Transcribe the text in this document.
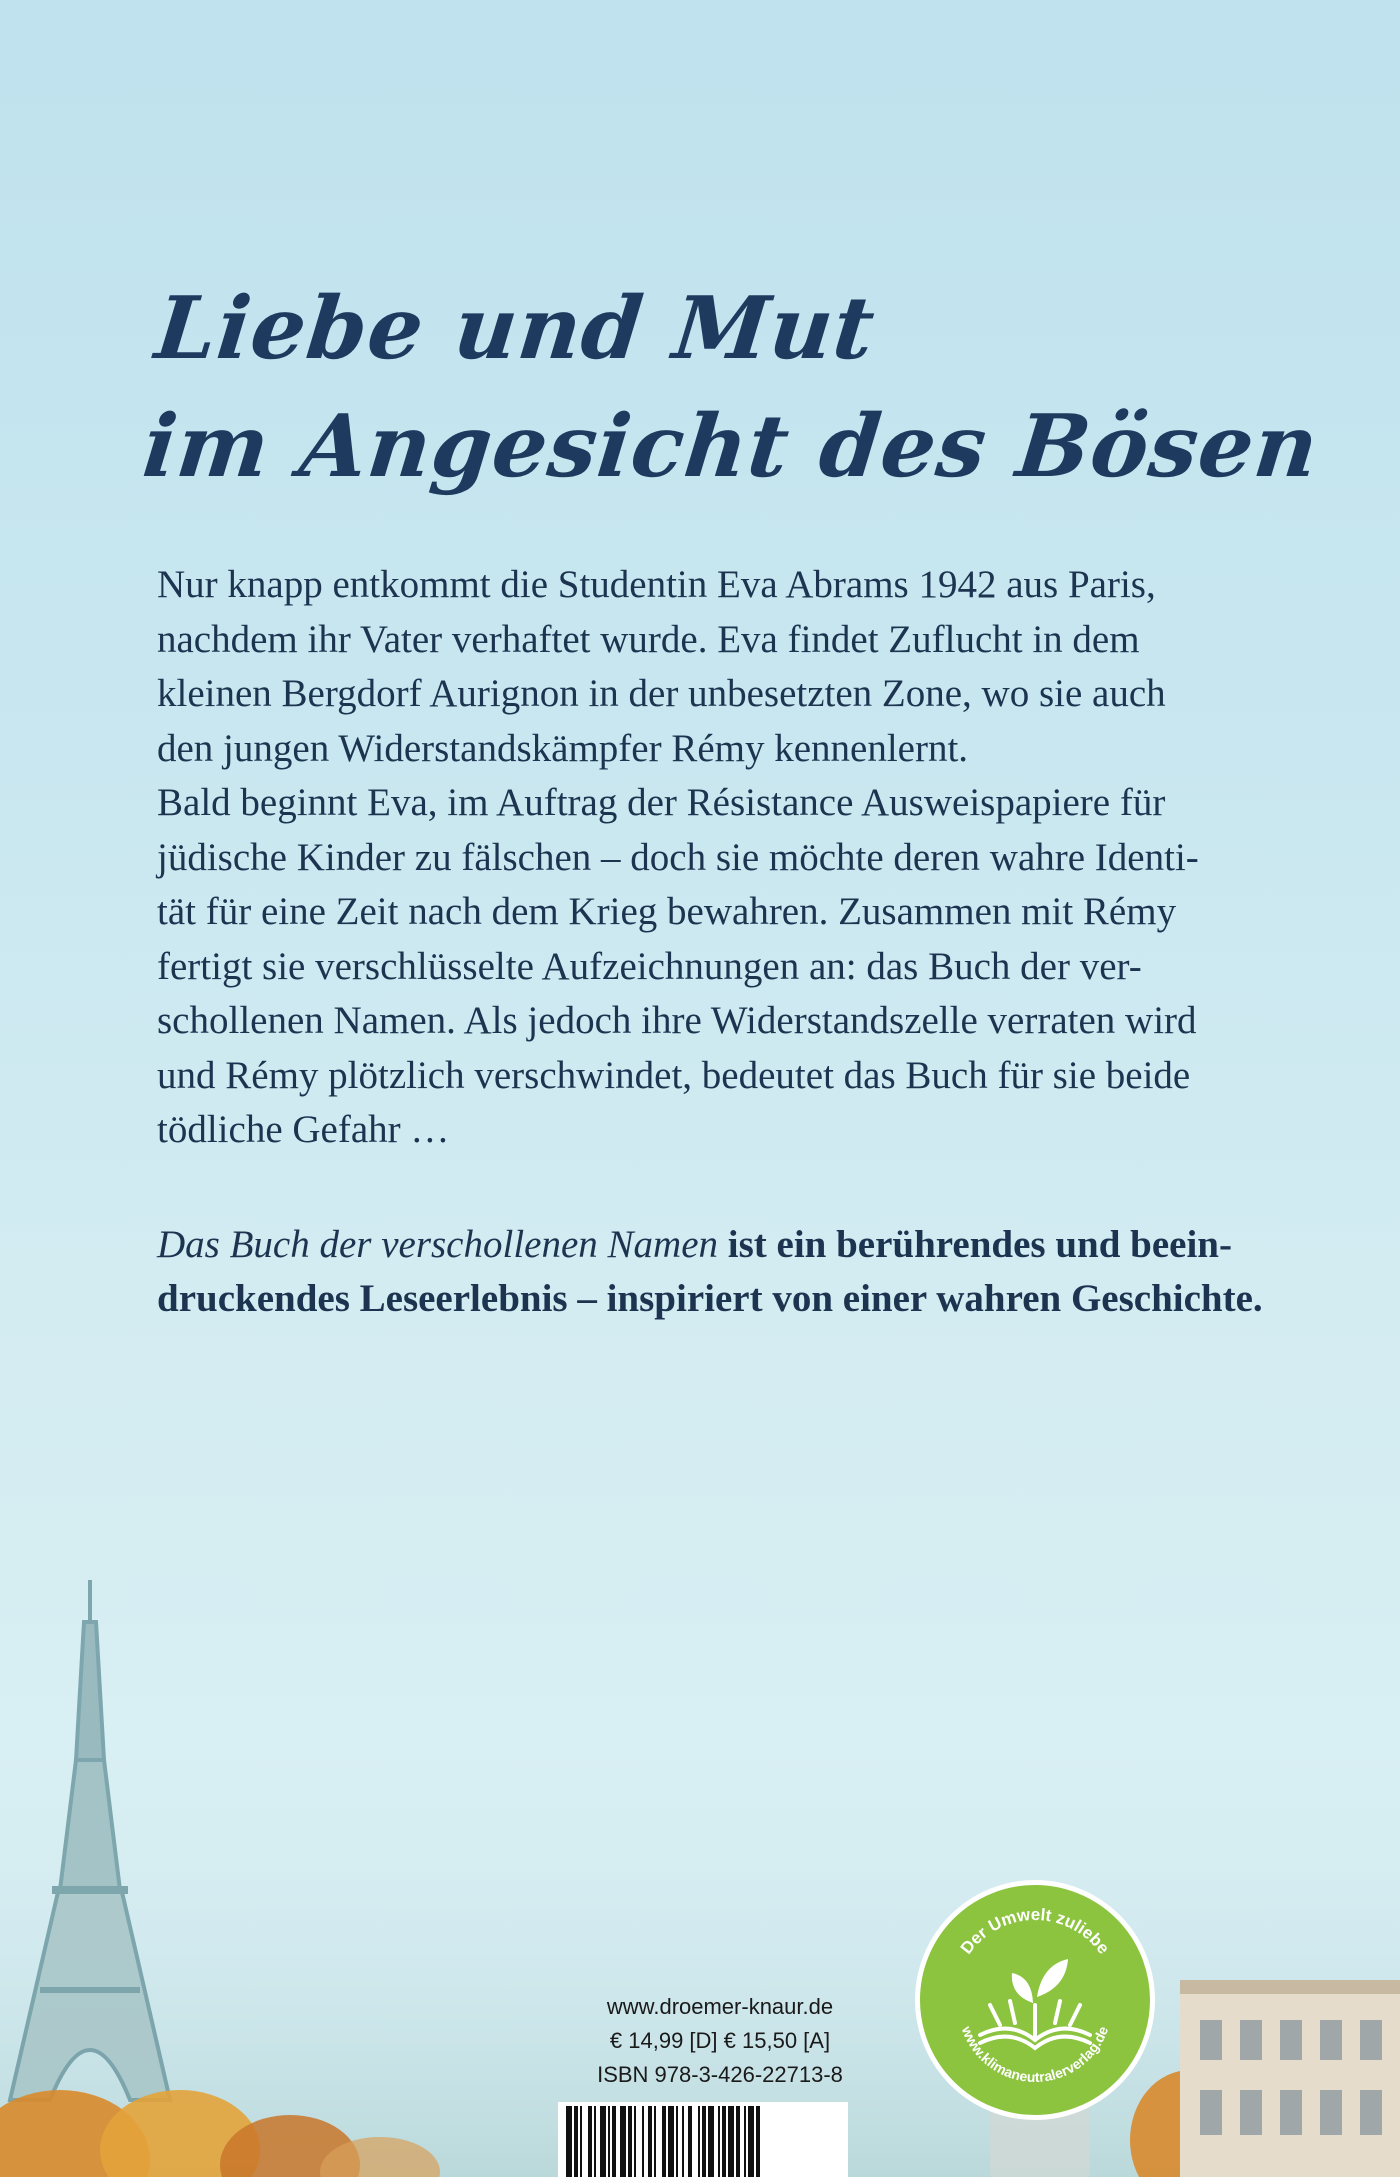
Liebe und Mut
im Angesicht des Bösen
Nur knapp entkommt die Studentin Eva Abrams 1942 aus Paris,
nachdem ihr Vater verhaftet wurde. Eva findet Zuflucht in dem
kleinen Bergdorf Aurignon in der unbesetzten Zone, wo sie auch
den jungen Widerstandskämpfer Rémy kennenlernt.
Bald beginnt Eva, im Auftrag der Résistance Ausweispapiere für
jüdische Kinder zu fälschen – doch sie möchte deren wahre Identi-
tät für eine Zeit nach dem Krieg bewahren. Zusammen mit Rémy
fertigt sie verschlüsselte Aufzeichnungen an: das Buch der ver-
schollenen Namen. Als jedoch ihre Widerstandszelle verraten wird
und Rémy plötzlich verschwindet, bedeutet das Buch für sie beide
tödliche Gefahr …
Das Buch der verschollenen Namen ist ein berührendes und beein-
druckendes Leseerlebnis – inspiriert von einer wahren Geschichte.
www.droemer-knaur.de
€ 14,99 [D] € 15,50 [A]
ISBN 978-3-426-22713-8
Der Umwelt zuliebe
www.klimaneutralerverlag.de
